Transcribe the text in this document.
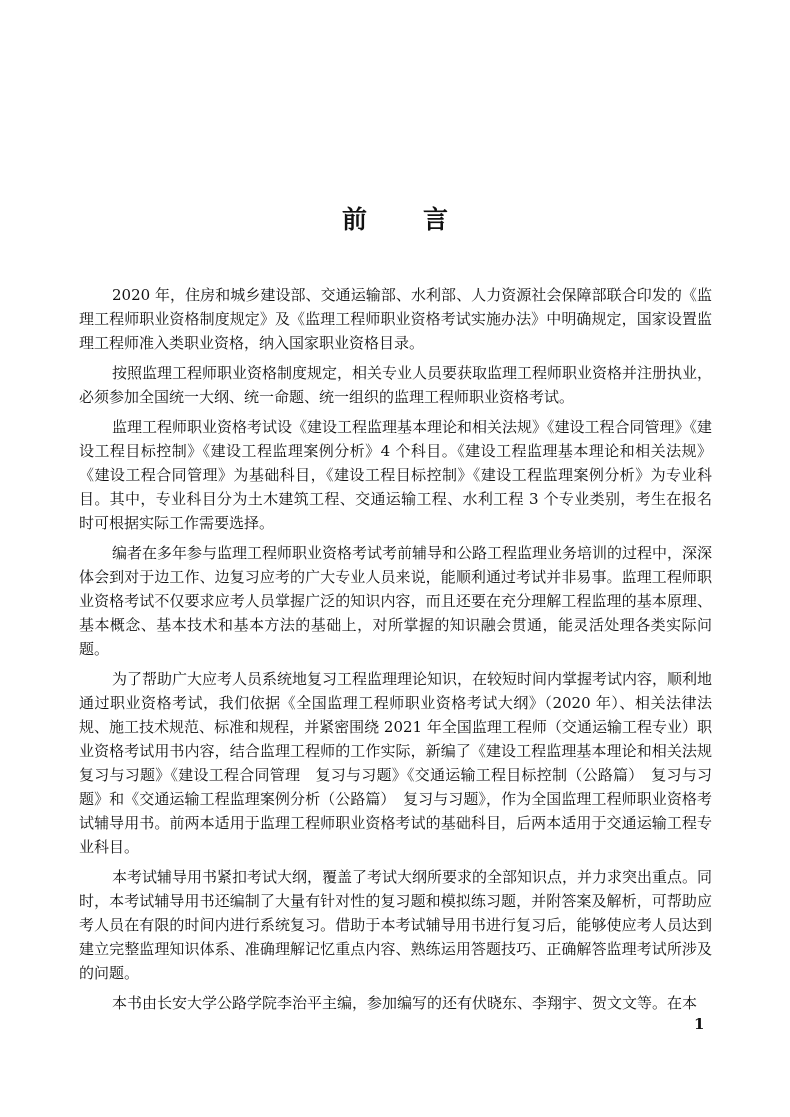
前言

2020 年，住房和城乡建设部、交通运输部、水利部、人力资源社会保障部联合印发的《监理工程师职业资格制度规定》及《监理工程师职业资格考试实施办法》中明确规定，国家设置监理工程师准入类职业资格，纳入国家职业资格目录。

按照监理工程师职业资格制度规定，相关专业人员要获取监理工程师职业资格并注册执业，必须参加全国统一大纲、统一命题、统一组织的监理工程师职业资格考试。

监理工程师职业资格考试设《建设工程监理基本理论和相关法规》《建设工程合同管理》《建设工程目标控制》《建设工程监理案例分析》4 个科目。《建设工程监理基本理论和相关法规》《建设工程合同管理》为基础科目，《建设工程目标控制》《建设工程监理案例分析》为专业科目。其中，专业科目分为土木建筑工程、交通运输工程、水利工程 3 个专业类别，考生在报名时可根据实际工作需要选择。

编者在多年参与监理工程师职业资格考试考前辅导和公路工程监理业务培训的过程中，深深体会到对于边工作、边复习应考的广大专业人员来说，能顺利通过考试并非易事。监理工程师职业资格考试不仅要求应考人员掌握广泛的知识内容，而且还要在充分理解工程监理的基本原理、基本概念、基本技术和基本方法的基础上，对所掌握的知识融会贯通，能灵活处理各类实际问题。

为了帮助广大应考人员系统地复习工程监理理论知识，在较短时间内掌握考试内容，顺利地通过职业资格考试，我们依据《全国监理工程师职业资格考试大纲》（2020 年）、相关法律法规、施工技术规范、标准和规程，并紧密围绕 2021 年全国监理工程师（交通运输工程专业）职业资格考试用书内容，结合监理工程师的工作实际，新编了《建设工程监理基本理论和相关法规　复习与习题》《建设工程合同管理　复习与习题》《交通运输工程目标控制（公路篇）　复习与习题》和《交通运输工程监理案例分析（公路篇）　复习与习题》，作为全国监理工程师职业资格考试辅导用书。前两本适用于监理工程师职业资格考试的基础科目，后两本适用于交通运输工程专业科目。

本考试辅导用书紧扣考试大纲，覆盖了考试大纲所要求的全部知识点，并力求突出重点。同时，本考试辅导用书还编制了大量有针对性的复习题和模拟练习题，并附答案及解析，可帮助应考人员在有限的时间内进行系统复习。借助于本考试辅导用书进行复习后，能够使应考人员达到建立完整监理知识体系、准确理解记忆重点内容、熟练运用答题技巧、正确解答监理考试所涉及的问题。

本书由长安大学公路学院李治平主编，参加编写的还有伏晓东、李翔宇、贺文文等。在本

1
